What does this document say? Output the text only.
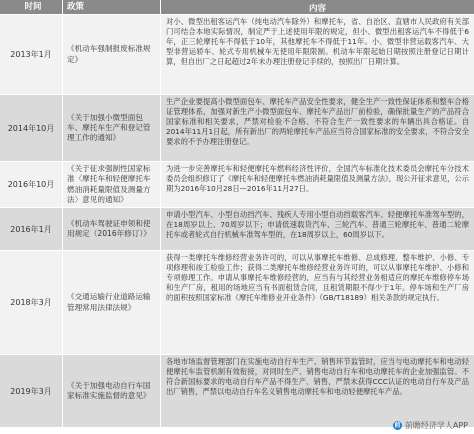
时间	政策	内容
2013年1月
《机动车强制报废标准规定》
对小、微型出租客运汽车（纯电动汽车除外）和摩托车，省、自治区、直辖市人民政府有关部门可结合本地实际情况，制定严于上述使用年限的规定，但小、微型出租客运汽车不得低于6年，正三轮摩托车不得低于10年，其他摩托车不得低于11年。小、微型非营运载客汽车、大型非营运轿车、轮式专用机械车无使用年限限制。机动车年限起始日期按照注册登记日期计算，但自出厂之日起超过2年未办理注册登记手续的，按照出厂日期计算。
2014年10月
《关于加强小微型面包车、摩托车生产和登记管理工作的通知》
生产企业要提高小微型面包车、摩托车产品安全性要求，健全生产一致性保证体系和整车合格证管理体系，加强对新生产小微型面包车、摩托车产品出厂前检验，确保批量生产的产品符合国家标准和相关要求，严禁对检验不合格、不符合生产一致性要求的车辆出具合格证。自2014年11月1日起，所有新出厂的两轮摩托车产品应当符合国家标准的安全要求，不符合安全要求的不予办理注册登记。
2016年10月
《关于征求强制性国家标准〈摩托车和轻便摩托车燃油消耗量限值及测量方法〉意见的通知》
为进一步完善摩托车和轻便摩托车燃料经济性评价，全国汽车标准化技术委员会摩托车分技术委员会组织修订了《摩托车和轻便摩托车燃油消耗量限值及测量方法》，现公开征求意见，公示期为2016年10月28日—2016年11月27日。
2016年1月
《机动车驾驶证申领和使用规定（2016年修订）》
申请小型汽车、小型自动挡汽车、残疾人专用小型自动挡载客汽车、轻便摩托车准驾车型的，在18周岁以上、70周岁以下；申请低速载货汽车、三轮汽车、普通三轮摩托车、普通二轮摩托车或者轮式自行机械车准驾车型的，在18周岁以上，60周岁以下。
2018年3月
《交通运输行业道路运输管理常用法律法规》
获得一类摩托车维修经营业务许可的，可以从事摩托车维修、总成修理、整车维护、小修、专项修理和竣工检验工作；获得二类摩托车维修经营业务许可的，可以从事摩托车维护、小修和专项修理工作。申请从事摩托车维修经营的，应当有与其经营业务相适应的摩托车维修停车场和生产厂房，租用的场地应当有书面租赁合同，且租赁期限不得少于1年。停车场和生产厂房的面积按照国家标准《摩托车维修业开业条件》（GB/T18189）相关条款的规定执行。
2019年3月
《关于加强电动自行车国家标准实施监督的意见》
各地市场监督管理部门在实施电动自行车生产、销售环节监管时，应当与电动摩托车和电动轻便摩托车监管机制有效衔接，对同时生产、销售电动自行车和电动摩托车的企业加强监管。不符合新国标要求的电动自行车产品不得生产、销售，严禁未获得CCC认证的电动自行车及产品出厂销售，严禁以电动自行车名义销售电动摩托车和电动轻便摩托车产品。
前 前瞻经济学人APP
